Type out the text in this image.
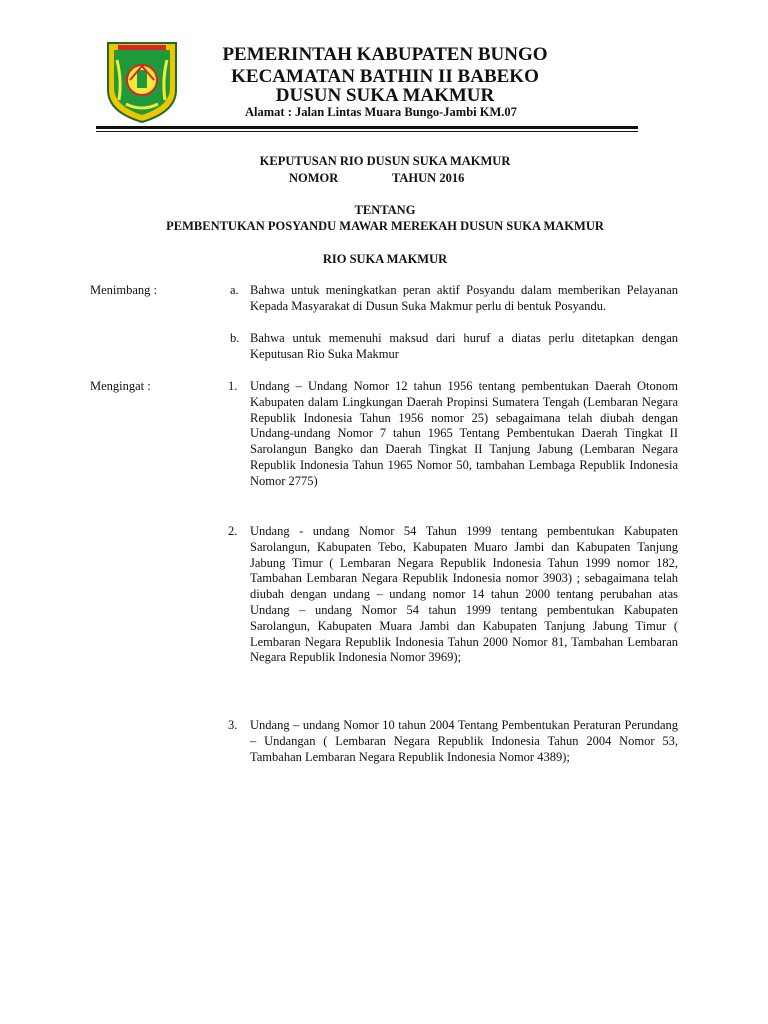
PEMERINTAH KABUPATEN BUNGO
KECAMATAN BATHIN II BABEKO
DUSUN SUKA MAKMUR
Alamat : Jalan Lintas Muara Bungo-Jambi KM.07
KEPUTUSAN RIO DUSUN SUKA MAKMUR
NOMOR	TAHUN 2016
TENTANG
PEMBENTUKAN POSYANDU MAWAR MEREKAH DUSUN SUKA MAKMUR
RIO SUKA MAKMUR
Menimbang :	a. Bahwa untuk meningkatkan peran aktif Posyandu dalam memberikan Pelayanan Kepada Masyarakat di Dusun Suka Makmur perlu di bentuk Posyandu.

b. Bahwa untuk memenuhi maksud dari huruf a diatas perlu ditetapkan dengan Keputusan Rio Suka Makmur

Mengingat :	1. Undang – Undang Nomor 12 tahun 1956 tentang pembentukan Daerah Otonom Kabupaten dalam Lingkungan Daerah Propinsi Sumatera Tengah (Lembaran Negara Republik Indonesia Tahun 1956 nomor 25) sebagaimana telah diubah dengan Undang-undang Nomor 7 tahun 1965 Tentang Pembentukan Daerah Tingkat II Sarolangun Bangko dan Daerah Tingkat II Tanjung Jabung (Lembaran Negara Republik Indonesia Tahun 1965 Nomor 50, tambahan Lembaga Republik Indonesia Nomor 2775)

2. Undang - undang Nomor 54 Tahun 1999 tentang pembentukan Kabupaten Sarolangun, Kabupaten Tebo, Kabupaten Muaro Jambi dan Kabupaten Tanjung Jabung Timur ( Lembaran Negara Republik Indonesia Tahun 1999 nomor 182, Tambahan Lembaran Negara Republik Indonesia nomor 3903) ; sebagaimana telah diubah dengan undang – undang nomor 14 tahun 2000 tentang perubahan atas Undang – undang Nomor 54 tahun 1999 tentang pembentukan Kabupaten Sarolangun, Kabupaten Muara Jambi dan Kabupaten Tanjung Jabung Timur ( Lembaran Negara Republik Indonesia Tahun 2000 Nomor 81, Tambahan Lembaran Negara Republik Indonesia Nomor 3969);

3. Undang – undang Nomor 10 tahun 2004 Tentang Pembentukan Peraturan Perundang – Undangan ( Lembaran Negara Republik Indonesia Tahun 2004 Nomor 53, Tambahan Lembaran Negara Republik Indonesia Nomor 4389);
